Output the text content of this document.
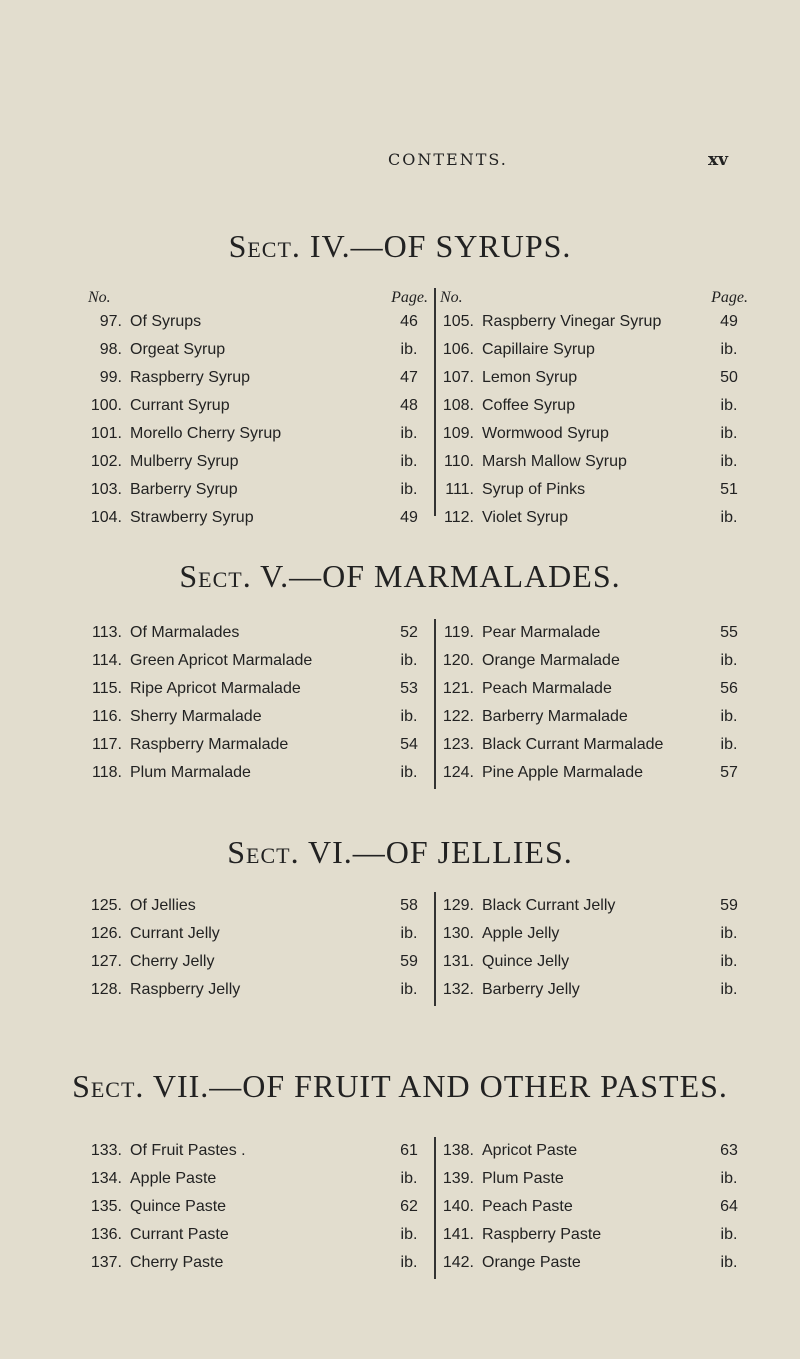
CONTENTS.	xv
Sect. IV.—OF SYRUPS.
No.	Page.
97. Of Syrups	46
98. Orgeat Syrup	ib.
99. Raspberry Syrup	47
100. Currant Syrup	48
101. Morello Cherry Syrup	ib.
102. Mulberry Syrup	ib.
103. Barberry Syrup	ib.
104. Strawberry Syrup	49
No.	Page.
105. Raspberry Vinegar Syrup	49
106. Capillaire Syrup	ib.
107. Lemon Syrup	50
108. Coffee Syrup	ib.
109. Wormwood Syrup	ib.
110. Marsh Mallow Syrup	ib.
111. Syrup of Pinks	51
112. Violet Syrup	ib.
Sect. V.—OF MARMALADES.
113. Of Marmalades	52
114. Green Apricot Marmalade	ib.
115. Ripe Apricot Marmalade	53
116. Sherry Marmalade	ib.
117. Raspberry Marmalade	54
118. Plum Marmalade	ib.
119. Pear Marmalade	55
120. Orange Marmalade	ib.
121. Peach Marmalade	56
122. Barberry Marmalade	ib.
123. Black Currant Marmalade	ib.
124. Pine Apple Marmalade	57
Sect. VI.—OF JELLIES.
125. Of Jellies	58
126. Currant Jelly	ib.
127. Cherry Jelly	59
128. Raspberry Jelly	ib.
129. Black Currant Jelly	59
130. Apple Jelly	ib.
131. Quince Jelly	ib.
132. Barberry Jelly	ib.
Sect. VII.—OF FRUIT AND OTHER PASTES.
133. Of Fruit Pastes .	61
134. Apple Paste	ib.
135. Quince Paste	62
136. Currant Paste	ib.
137. Cherry Paste	ib.
138. Apricot Paste	63
139. Plum Paste	ib.
140. Peach Paste	64
141. Raspberry Paste	ib.
142. Orange Paste	ib.
